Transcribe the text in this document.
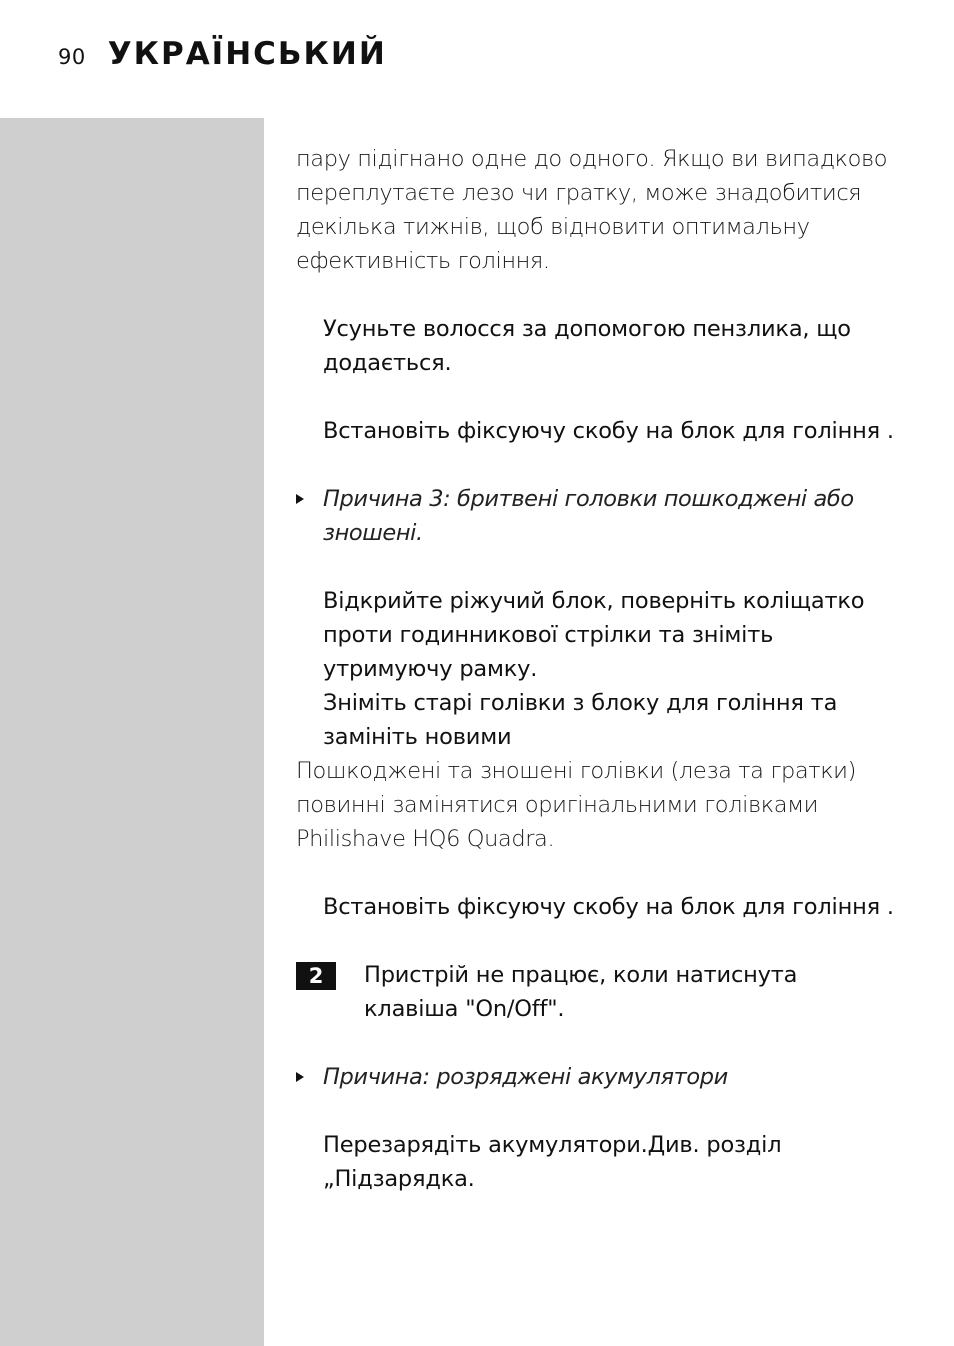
90 УКРАЇНСЬКИЙ

пару підігнано одне до одного. Якщо ви випадково переплутаєте лезо чи гратку, може знадобитися декілька тижнів, щоб відновити оптимальну ефективність гоління.

Усуньте волосся за допомогою пензлика, що додається.

Встановіть фіксуючу скобу на блок для гоління .

Причина 3: бритвені головки пошкоджені або зношені.

Відкрийте ріжучий блок, поверніть коліщатко проти годинникової стрілки та зніміть утримуючу рамку.

Зніміть старі голівки з блоку для гоління та замініть новими

Пошкоджені та зношені голівки (леза та гратки) повинні замінятися оригінальними голівками Philishave HQ6 Quadra.

Встановіть фіксуючу скобу на блок для гоління .

2	Пристрій не працює, коли натиснута клавіша "On/Off".

Причина: розряджені акумулятори

Перезарядіть акумулятори.Див. розділ „Підзарядка.
